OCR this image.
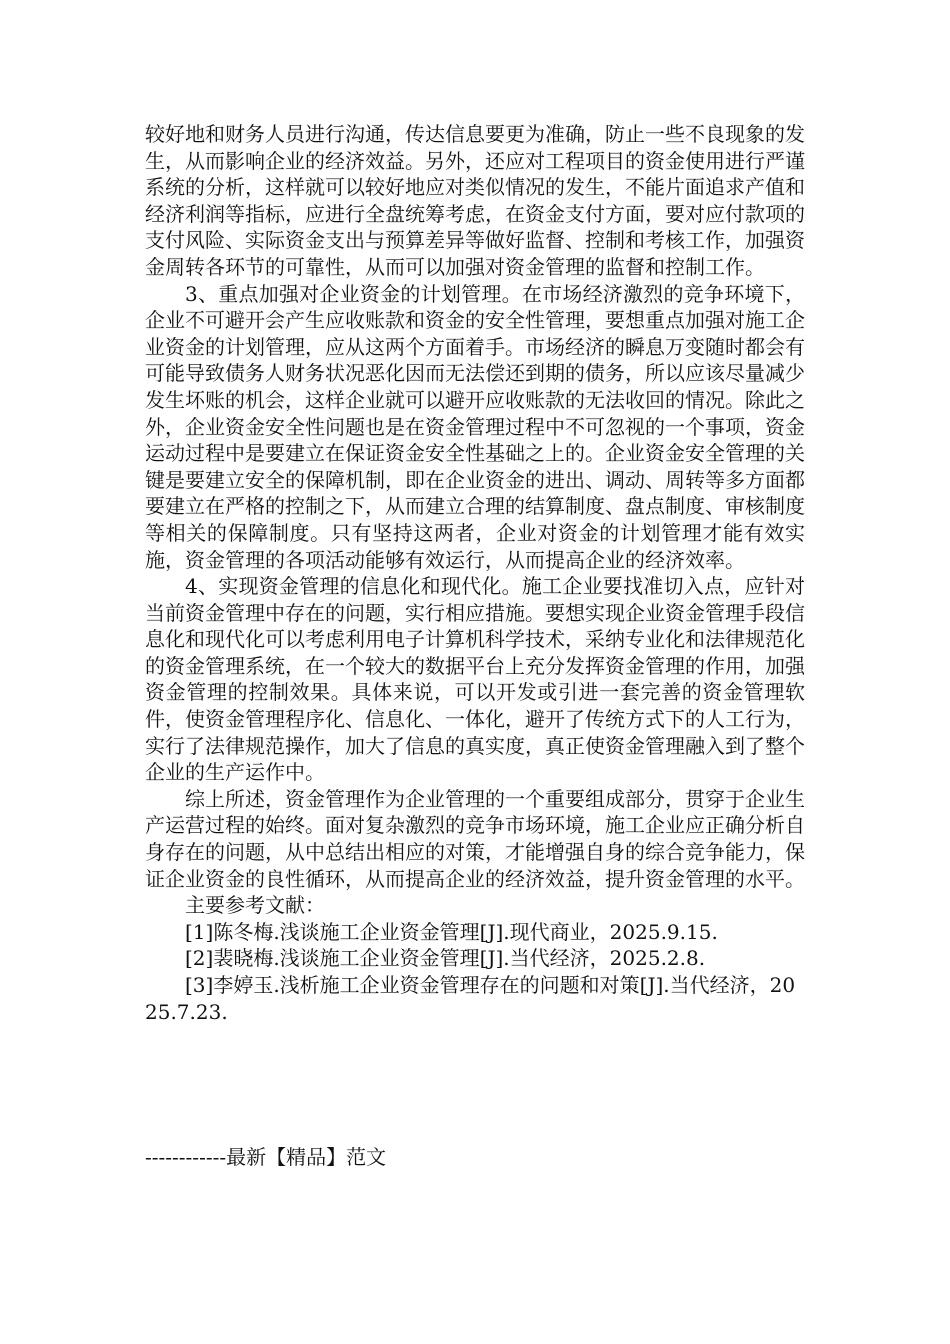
较好地和财务人员进行沟通，传达信息要更为准确，防止一些不良现象的发生，从而影响企业的经济效益。另外，还应对工程项目的资金使用进行严谨系统的分析，这样就可以较好地应对类似情况的发生，不能片面追求产值和经济利润等指标，应进行全盘统筹考虑，在资金支付方面，要对应付款项的支付风险、实际资金支出与预算差异等做好监督、控制和考核工作，加强资金周转各环节的可靠性，从而可以加强对资金管理的监督和控制工作。

3、重点加强对企业资金的计划管理。在市场经济激烈的竞争环境下，企业不可避开会产生应收账款和资金的安全性管理，要想重点加强对施工企业资金的计划管理，应从这两个方面着手。市场经济的瞬息万变随时都会有可能导致债务人财务状况恶化因而无法偿还到期的债务，所以应该尽量减少发生坏账的机会，这样企业就可以避开应收账款的无法收回的情况。除此之外，企业资金安全性问题也是在资金管理过程中不可忽视的一个事项，资金运动过程中是要建立在保证资金安全性基础之上的。企业资金安全管理的关键是要建立安全的保障机制，即在企业资金的进出、调动、周转等多方面都要建立在严格的控制之下，从而建立合理的结算制度、盘点制度、审核制度等相关的保障制度。只有坚持这两者，企业对资金的计划管理才能有效实施，资金管理的各项活动能够有效运行，从而提高企业的经济效率。

4、实现资金管理的信息化和现代化。施工企业要找准切入点，应针对当前资金管理中存在的问题，实行相应措施。要想实现企业资金管理手段信息化和现代化可以考虑利用电子计算机科学技术，采纳专业化和法律规范化的资金管理系统，在一个较大的数据平台上充分发挥资金管理的作用，加强资金管理的控制效果。具体来说，可以开发或引进一套完善的资金管理软件，使资金管理程序化、信息化、一体化，避开了传统方式下的人工行为，实行了法律规范操作，加大了信息的真实度，真正使资金管理融入到了整个企业的生产运作中。

综上所述，资金管理作为企业管理的一个重要组成部分，贯穿于企业生产运营过程的始终。面对复杂激烈的竞争市场环境，施工企业应正确分析自身存在的问题，从中总结出相应的对策，才能增强自身的综合竞争能力，保证企业资金的良性循环，从而提高企业的经济效益，提升资金管理的水平。

主要参考文献：

[1]陈冬梅.浅谈施工企业资金管理[J].现代商业，2025.9.15.

[2]裴晓梅.浅谈施工企业资金管理[J].当代经济，2025.2.8.

[3]李婷玉.浅析施工企业资金管理存在的问题和对策[J].当代经济，2025.7.23.

------------最新【精品】范文
